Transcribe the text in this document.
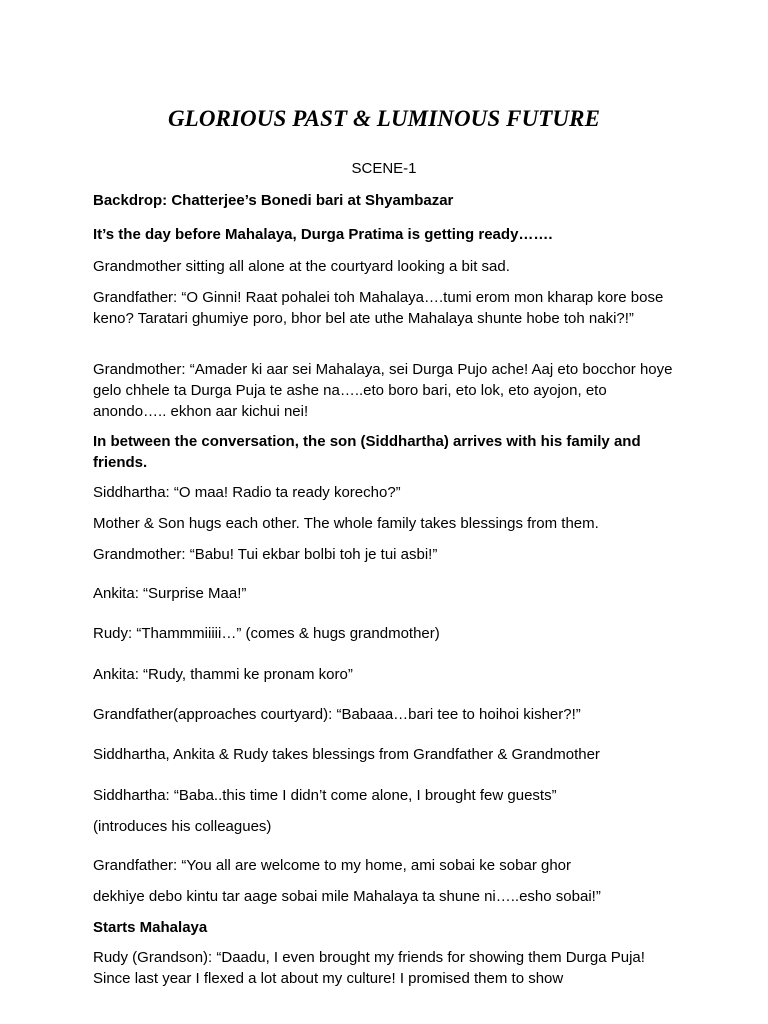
GLORIOUS PAST & LUMINOUS FUTURE
SCENE-1
Backdrop: Chatterjee’s Bonedi bari at Shyambazar
It’s the day before Mahalaya, Durga Pratima is getting ready…….
Grandmother sitting all alone at the courtyard looking a bit sad.
Grandfather: “O Ginni! Raat pohalei toh Mahalaya….tumi erom mon kharap kore bose keno? Taratari ghumiye poro, bhor bel ate uthe Mahalaya shunte hobe toh naki?!”
Grandmother: “Amader ki aar sei Mahalaya, sei Durga Pujo ache! Aaj eto bocchor hoye gelo chhele ta Durga Puja te ashe na…..eto boro bari, eto lok, eto ayojon, eto anondo….. ekhon aar kichui nei!
In between the conversation, the son (Siddhartha) arrives with his family and friends.
Siddhartha: “O maa! Radio ta ready korecho?”
Mother & Son hugs each other. The whole family takes blessings from them.
Grandmother: “Babu! Tui ekbar bolbi toh je tui asbi!”
Ankita: “Surprise Maa!”
Rudy: “Thammmiiiii…” (comes & hugs grandmother)
Ankita: “Rudy, thammi ke pronam koro”
Grandfather(approaches courtyard): “Babaaa…bari tee to hoihoi kisher?!”
Siddhartha, Ankita & Rudy takes blessings from Grandfather & Grandmother
Siddhartha: “Baba..this time I didn’t come alone, I brought few guests”
(introduces his colleagues)
Grandfather: “You all are welcome to my home, ami sobai ke sobar ghor
dekhiye debo kintu tar aage sobai mile Mahalaya ta shune ni…..esho sobai!”
Starts Mahalaya
Rudy (Grandson): “Daadu, I even brought my friends for showing them Durga Puja! Since last year I flexed a lot about my culture! I promised them to show
